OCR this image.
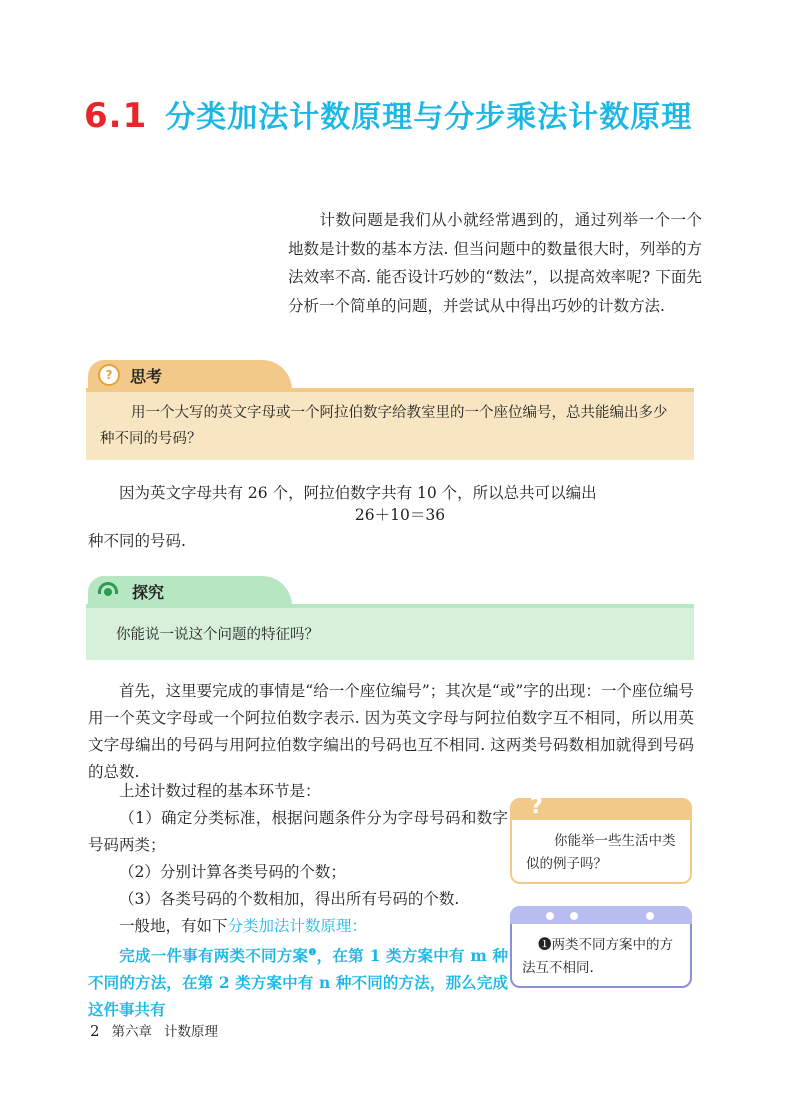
6.1 分类加法计数原理与分步乘法计数原理
计数问题是我们从小就经常遇到的，通过列举一个一个地数是计数的基本方法. 但当问题中的数量很大时，列举的方法效率不高. 能否设计巧妙的“数法”，以提高效率呢? 下面先分析一个简单的问题，并尝试从中得出巧妙的计数方法.
?	思考
用一个大写的英文字母或一个阿拉伯数字给教室里的一个座位编号，总共能编出多少种不同的号码？
因为英文字母共有 26 个，阿拉伯数字共有 10 个，所以总共可以编出
26＋10＝36
种不同的号码.
探究
你能说一说这个问题的特征吗？
首先，这里要完成的事情是“给一个座位编号”；其次是“或”字的出现：一个座位编号用一个英文字母或一个阿拉伯数字表示. 因为英文字母与阿拉伯数字互不相同，所以用英文字母编出的号码与用阿拉伯数字编出的号码也互不相同. 这两类号码数相加就得到号码的总数.
上述计数过程的基本环节是：
（1）确定分类标准，根据问题条件分为字母号码和数字号码两类；
（2）分别计算各类号码的个数；
（3）各类号码的个数相加，得出所有号码的个数.
一般地，有如下分类加法计数原理：
完成一件事有两类不同方案$^❶$，在第 1 类方案中有 m 种不同的方法，在第 2 类方案中有 n 种不同的方法，那么完成这件事共有
?
你能举一些生活中类似的例子吗？
❶两类不同方案中的方法互不相同.
2 第六章 计数原理
